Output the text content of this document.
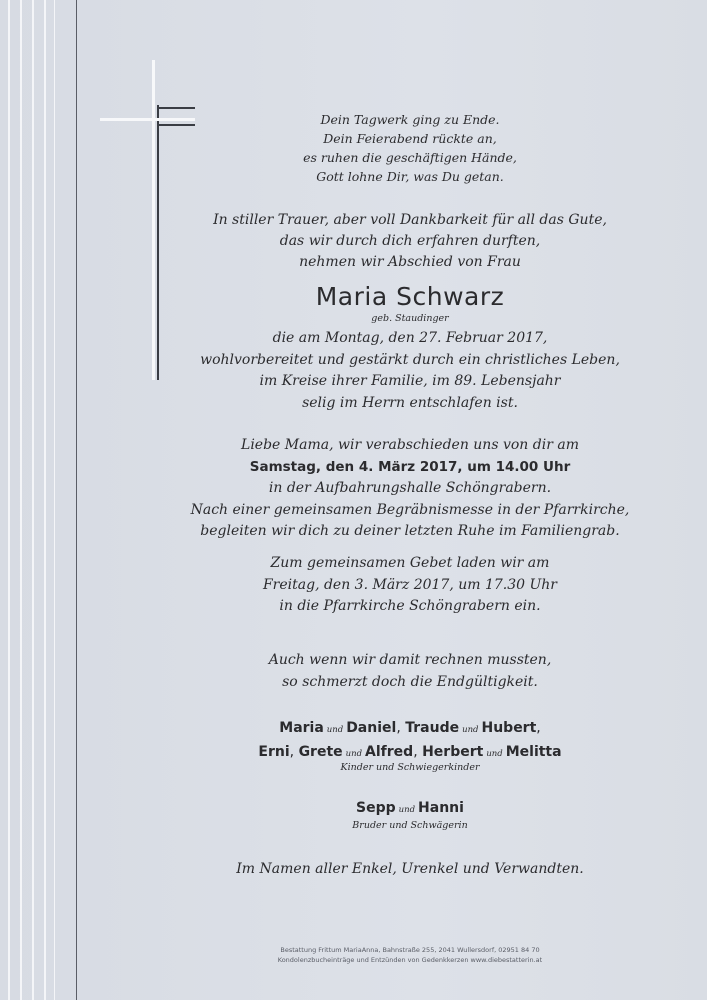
Dein Tagwerk ging zu Ende.
Dein Feierabend rückte an,
es ruhen die geschäftigen Hände,
Gott lohne Dir, was Du getan.
In stiller Trauer, aber voll Dankbarkeit für all das Gute,
das wir durch dich erfahren durften,
nehmen wir Abschied von Frau
Maria Schwarz
geb. Staudinger
die am Montag, den 27. Februar 2017,
wohlvorbereitet und gestärkt durch ein christliches Leben,
im Kreise ihrer Familie, im 89. Lebensjahr
selig im Herrn entschlafen ist.
Liebe Mama, wir verabschieden uns von dir am
Samstag, den 4. März 2017, um 14.00 Uhr
in der Aufbahrungshalle Schöngrabern.
Nach einer gemeinsamen Begräbnismesse in der Pfarrkirche,
begleiten wir dich zu deiner letzten Ruhe im Familiengrab.
Zum gemeinsamen Gebet laden wir am
Freitag, den 3. März 2017, um 17.30 Uhr
in die Pfarrkirche Schöngrabern ein.
Auch wenn wir damit rechnen mussten,
so schmerzt doch die Endgültigkeit.
Maria und Daniel, Traude und Hubert,
Erni, Grete und Alfred, Herbert und Melitta
Kinder und Schwiegerkinder
Sepp und Hanni
Bruder und Schwägerin
Im Namen aller Enkel, Urenkel und Verwandten.
Bestattung Frittum MariaAnna, Bahnstraße 255, 2041 Wullersdorf, 02951 84 70
Kondolenzbucheinträge und Entzünden von Gedenkkerzen www.diebestatterin.at
